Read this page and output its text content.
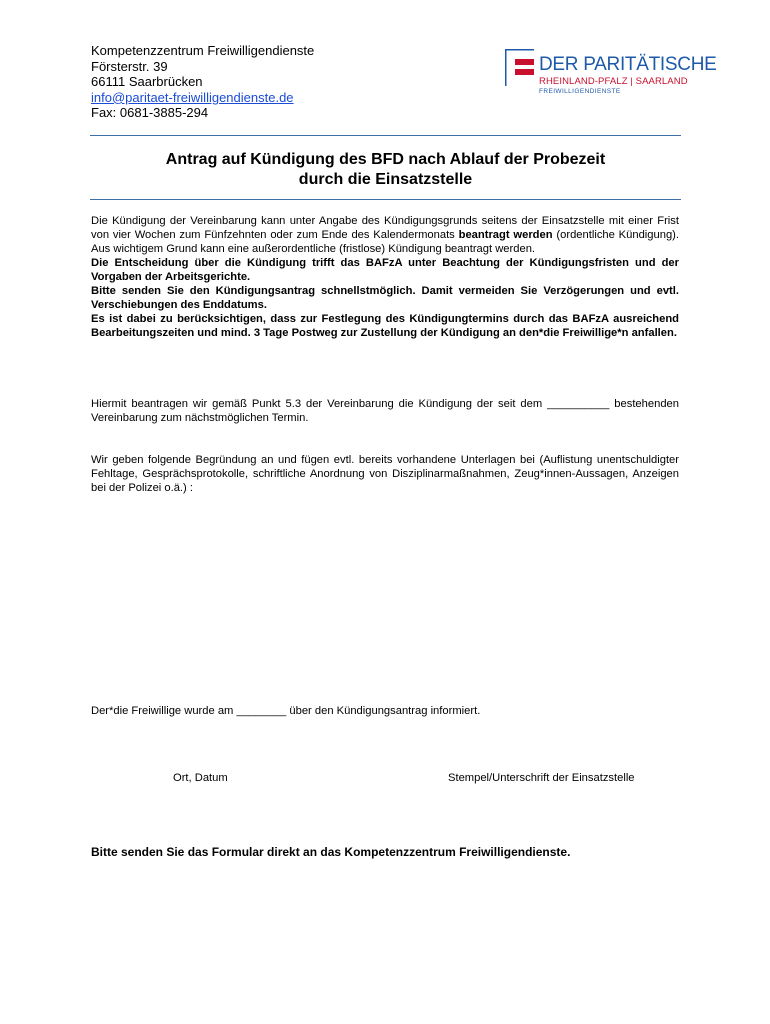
Kompetenzzentrum Freiwilligendienste
Försterstr. 39
66111 Saarbrücken
info@paritaet-freiwilligendienste.de
Fax: 0681-3885-294
DER PARITÄTISCHE
RHEINLAND-PFALZ | SAARLAND
FREIWILLIGENDIENSTE
Antrag auf Kündigung des BFD nach Ablauf der Probezeit
durch die Einsatzstelle
Die Kündigung der Vereinbarung kann unter Angabe des Kündigungsgrunds seitens der Einsatzstelle mit einer Frist von vier Wochen zum Fünfzehnten oder zum Ende des Kalendermonats beantragt werden (ordentliche Kündigung). Aus wichtigem Grund kann eine außerordentliche (fristlose) Kündigung beantragt werden.
Die Entscheidung über die Kündigung trifft das BAFzA unter Beachtung der Kündigungsfristen und der Vorgaben der Arbeitsgerichte.
Bitte senden Sie den Kündigungsantrag schnellstmöglich. Damit vermeiden Sie Verzögerungen und evtl. Verschiebungen des Enddatums.
Es ist dabei zu berücksichtigen, dass zur Festlegung des Kündigungtermins durch das BAFzA ausreichend Bearbeitungszeiten und mind. 3 Tage Postweg zur Zustellung der Kündigung an den*die Freiwillige*n anfallen.
Hiermit beantragen wir gemäß Punkt 5.3 der Vereinbarung die Kündigung der seit dem __________ bestehenden Vereinbarung zum nächstmöglichen Termin.
Wir geben folgende Begründung an und fügen evtl. bereits vorhandene Unterlagen bei (Auflistung unentschuldigter Fehltage, Gesprächsprotokolle, schriftliche Anordnung von Disziplinarmaßnahmen, Zeug*innen-Aussagen, Anzeigen bei der Polizei o.ä.) :
Der*die Freiwillige wurde am ________ über den Kündigungsantrag informiert.
Ort, Datum	Stempel/Unterschrift der Einsatzstelle
Bitte senden Sie das Formular direkt an das Kompetenzzentrum Freiwilligendienste.
